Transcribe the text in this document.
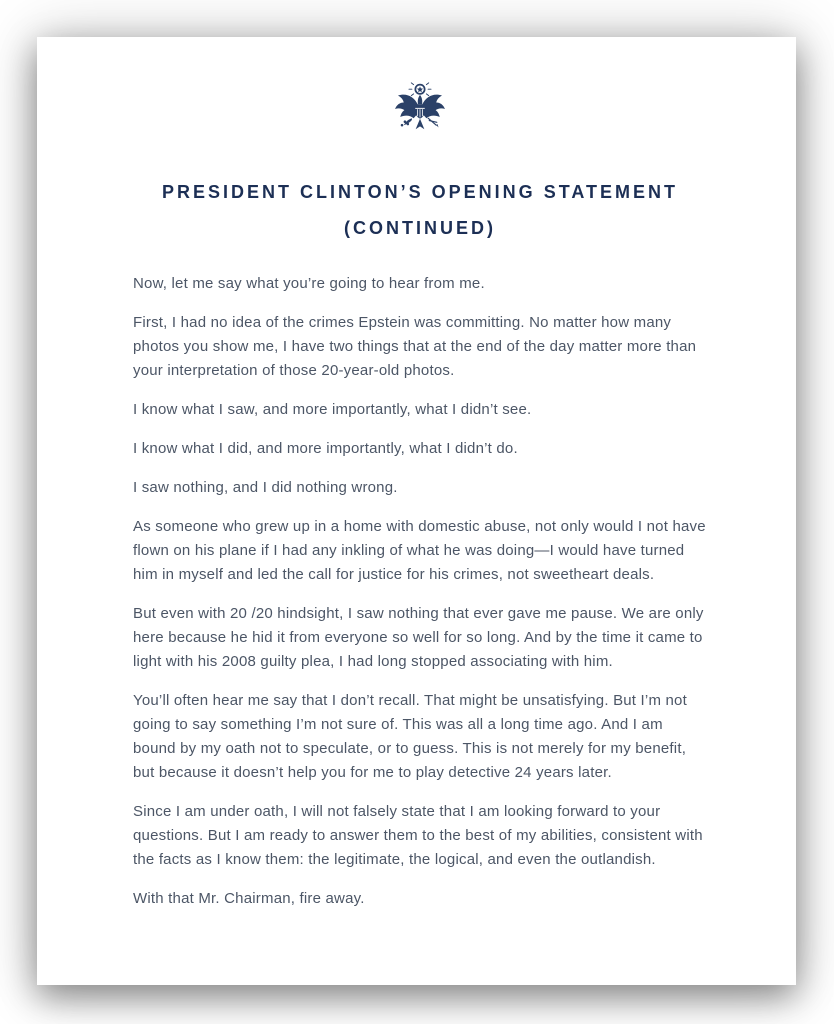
PRESIDENT CLINTON’S OPENING STATEMENT
(CONTINUED)

Now, let me say what you’re going to hear from me.

First, I had no idea of the crimes Epstein was committing. No matter how many photos you show me, I have two things that at the end of the day matter more than your interpretation of those 20-year-old photos.

I know what I saw, and more importantly, what I didn’t see.

I know what I did, and more importantly, what I didn’t do.

I saw nothing, and I did nothing wrong.

As someone who grew up in a home with domestic abuse, not only would I not have flown on his plane if I had any inkling of what he was doing—I would have turned him in myself and led the call for justice for his crimes, not sweetheart deals.

But even with 20 /20 hindsight, I saw nothing that ever gave me pause. We are only here because he hid it from everyone so well for so long. And by the time it came to light with his 2008 guilty plea, I had long stopped associating with him.

You’ll often hear me say that I don’t recall. That might be unsatisfying. But I’m not going to say something I’m not sure of. This was all a long time ago. And I am bound by my oath not to speculate, or to guess. This is not merely for my benefit, but because it doesn’t help you for me to play detective 24 years later.

Since I am under oath, I will not falsely state that I am looking forward to your questions. But I am ready to answer them to the best of my abilities, consistent with the facts as I know them: the legitimate, the logical, and even the outlandish.

With that Mr. Chairman, fire away.
